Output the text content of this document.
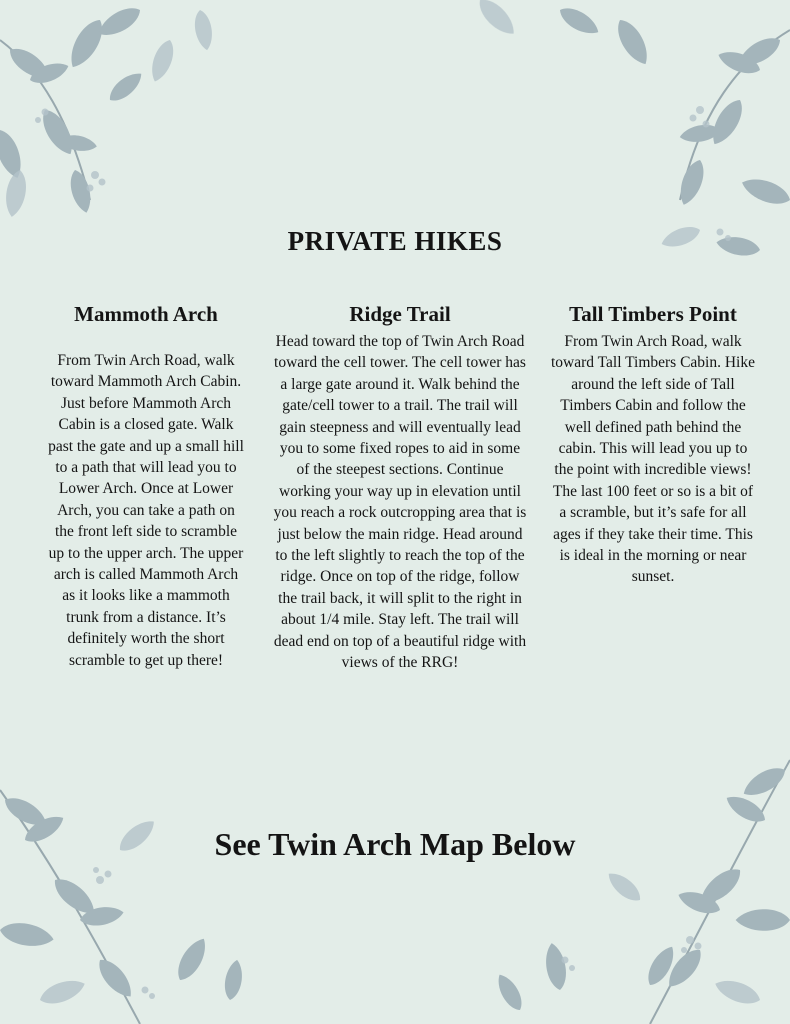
PRIVATE HIKES

Mammoth Arch

From Twin Arch Road, walk toward Mammoth Arch Cabin. Just before Mammoth Arch Cabin is a closed gate. Walk past the gate and up a small hill to a path that will lead you to Lower Arch. Once at Lower Arch, you can take a path on the front left side to scramble up to the upper arch. The upper arch is called Mammoth Arch as it looks like a mammoth trunk from a distance. It’s definitely worth the short scramble to get up there!

Ridge Trail

Head toward the top of Twin Arch Road toward the cell tower. The cell tower has a large gate around it. Walk behind the gate/cell tower to a trail. The trail will gain steepness and will eventually lead you to some fixed ropes to aid in some of the steepest sections. Continue working your way up in elevation until you reach a rock outcropping area that is just below the main ridge. Head around to the left slightly to reach the top of the ridge. Once on top of the ridge, follow the trail back, it will split to the right in about 1/4 mile. Stay left. The trail will dead end on top of a beautiful ridge with views of the RRG!

Tall Timbers Point

From Twin Arch Road, walk toward Tall Timbers Cabin. Hike around the left side of Tall Timbers Cabin and follow the well defined path behind the cabin. This will lead you up to the point with incredible views! The last 100 feet or so is a bit of a scramble, but it’s safe for all ages if they take their time. This is ideal in the morning or near sunset.

See Twin Arch Map Below
